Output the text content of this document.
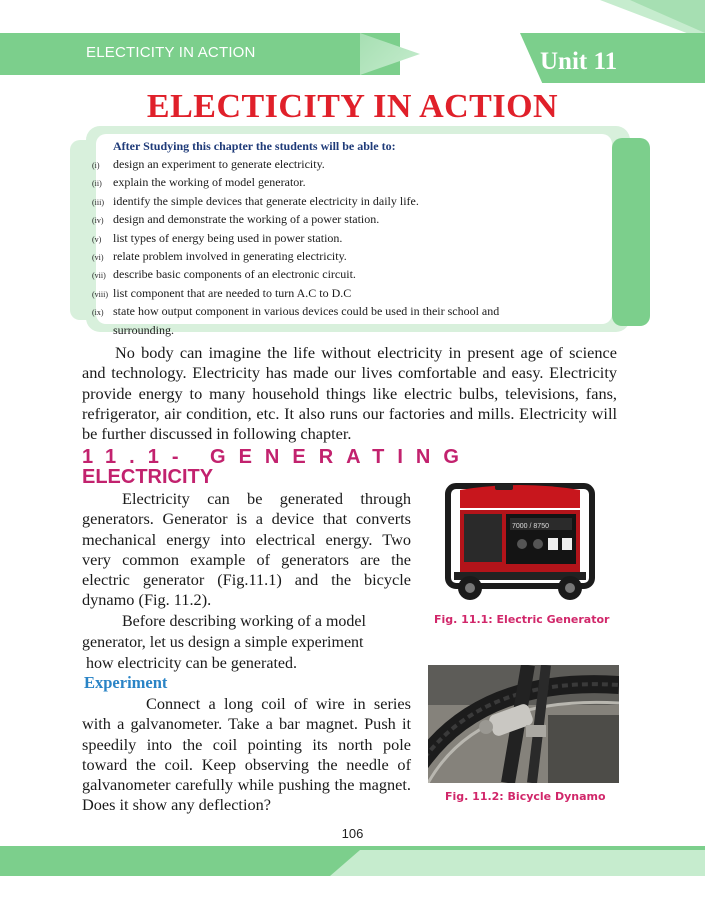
ELECTICITY IN ACTION	Unit 11
ELECTICITY IN ACTION
After Studying this chapter the students will be able to:
(i)	design an experiment to generate electricity.
(ii) explain the working of model generator.
(iii) identify the simple devices that generate electricity in daily life.
(iv) design and demonstrate the working of a power station.
(v) list types of energy being used in power station.
(vi) relate problem involved in generating electricity.
(vii) describe basic components of an electronic circuit.
(viii) list component that are needed to turn A.C to D.C
(ix) state how output component in various devices could be used in their school and
surrounding.
No body can imagine the life without electricity in present age of science and technology. Electricity has made our lives comfortable and easy. Electricity provide energy to many household things like electric bulbs, televisions, fans, refrigerator, air condition, etc. It also runs our factories and mills. Electricity will be further discussed in following chapter.
11.1- GENERATING
ELECTRICITY
Electricity can be generated through generators. Generator is a device that converts mechanical energy into electrical energy. Two very common example of generators are the electric generator (Fig.11.1) and the bicycle dynamo (Fig. 11.2).
Before describing working of a model
generator, let us design a simple experiment
how electricity can be generated.
Experiment
Connect a long coil of wire in series with a galvanometer. Take a bar magnet. Push it speedily into the coil pointing its north pole toward the coil. Keep observing the needle of galvanometer carefully while pushing the magnet. Does it show any deflection?
7000 / 8750
Fig. 11.1: Electric Generator
Fig. 11.2: Bicycle Dynamo
106
